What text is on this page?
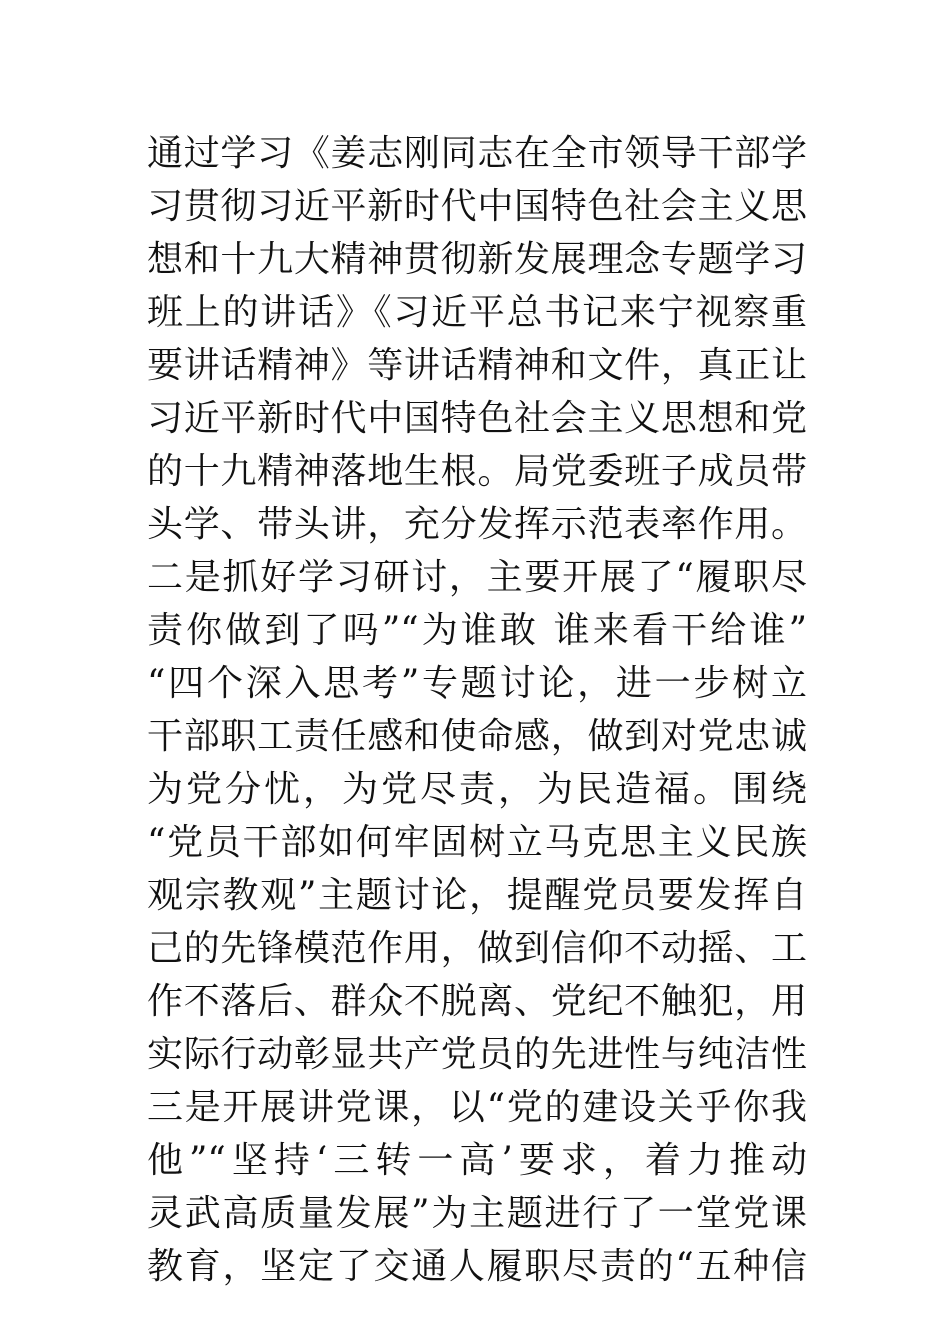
通过学习《姜志刚同志在全市领导干部学
习贯彻习近平新时代中国特色社会主义思
想和十九大精神贯彻新发展理念专题学习
班上的讲话》《习近平总书记来宁视察重
要讲话精神》等讲话精神和文件，真正让
习近平新时代中国特色社会主义思想和党
的十九精神落地生根。局党委班子成员带
头学、带头讲，充分发挥示范表率作用。
二是抓好学习研讨，主要开展了“履职尽
责你做到了吗”“为谁敢 谁来看干给谁”
“四个深入思考”专题讨论，进一步树立
干部职工责任感和使命感，做到对党忠诚
为党分忧，为党尽责，为民造福。围绕
“党员干部如何牢固树立马克思主义民族
观宗教观”主题讨论，提醒党员要发挥自
己的先锋模范作用，做到信仰不动摇、工
作不落后、群众不脱离、党纪不触犯，用
实际行动彰显共产党员的先进性与纯洁性
三是开展讲党课，以“党的建设关乎你我
他”“坚持‘三转一高’要求，着力推动
灵武高质量发展”为主题进行了一堂党课
教育，坚定了交通人履职尽责的“五种信
